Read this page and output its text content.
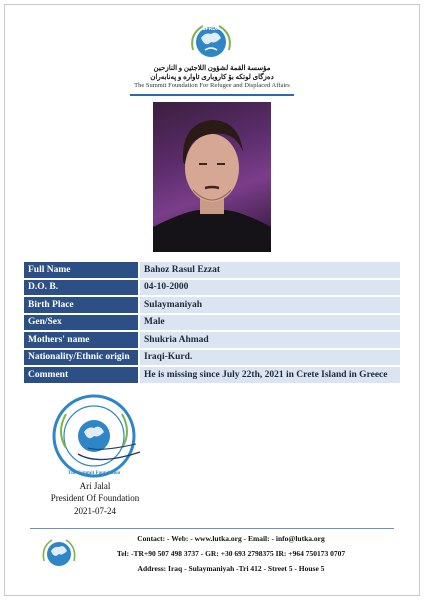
SFRDA
مؤسسة القمة لشؤون اللاجئين و النازحين
دەزگای لوتکە بۆ کاروباری ئاوارە و پەنابەران
The Summit Foundation For Refugee and Displaced Affairs
Full Name	Bahoz Rasul Ezzat
D.O. B.	04-10-2000
Birth Place	Sulaymaniyah
Gen/Sex	Male
Mothers' name	Shukria Ahmad
Nationality/Ethnic origin	Iraqi-Kurd.
Comment	He is missing since July 22th, 2021 in Crete Island in Greece
The Summit Foundation
Ari Jalal
President Of Foundation
2021-07-24
Contact: - Web: - www.lutka.org - Email: - info@lutka.org
Tel: -TR+90 507 498 3737 - GR: +30 693 2798375 IR: +964 750173 0707
Address: Iraq - Sulaymaniyah -Tri 412 - Street 5 - House 5
